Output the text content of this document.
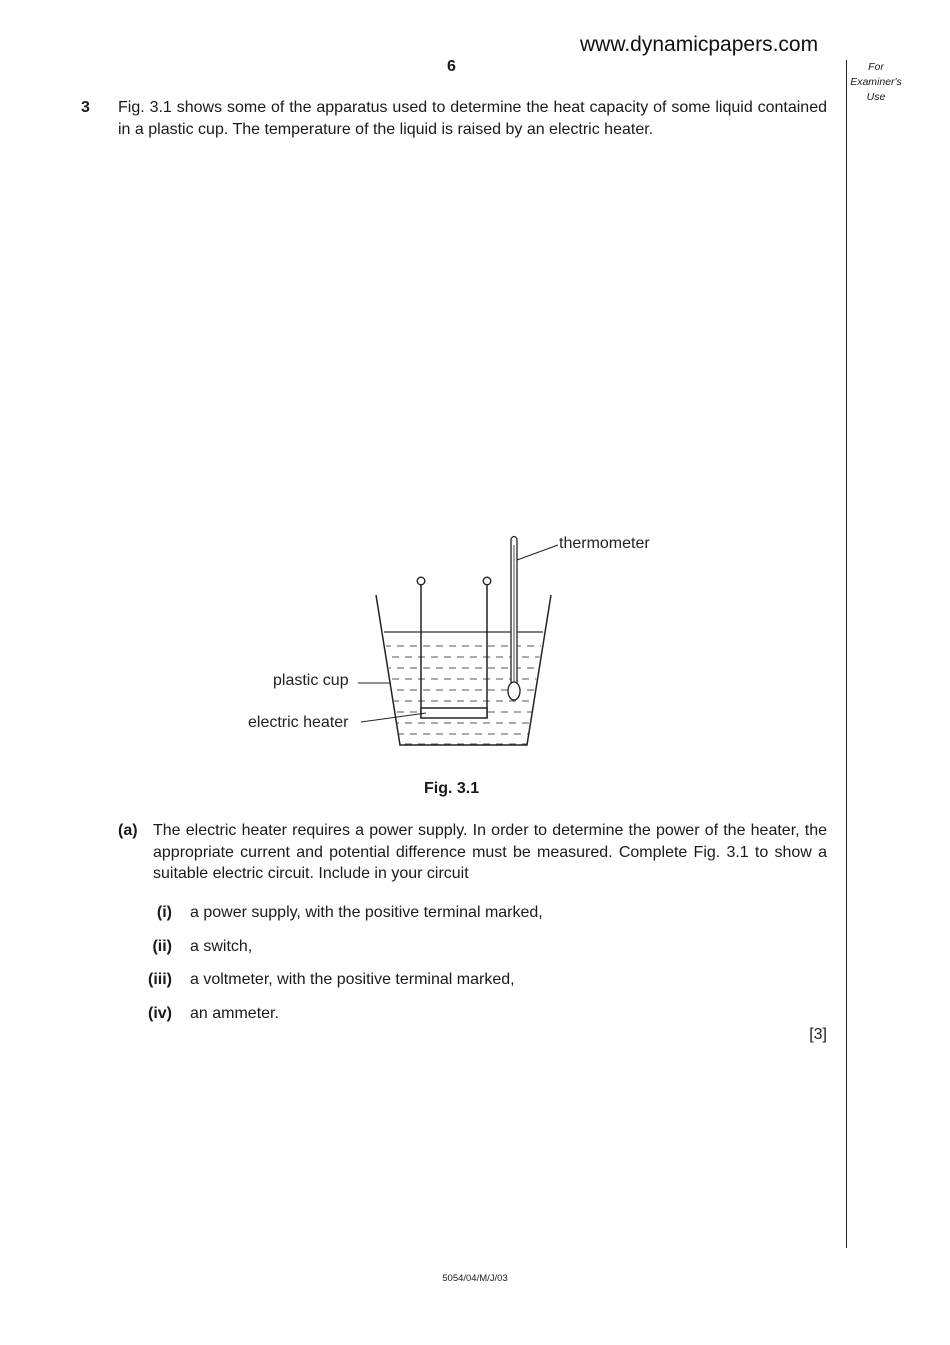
www.dynamicpapers.com
6	For
Examiner's
Use
3 Fig. 3.1 shows some of the apparatus used to determine the heat capacity of some liquid contained in a plastic cup. The temperature of the liquid is raised by an electric heater.
thermometer
plastic cup
electric heater
Fig. 3.1
(a) The electric heater requires a power supply. In order to determine the power of the heater, the appropriate current and potential difference must be measured. Complete Fig. 3.1 to show a suitable electric circuit. Include in your circuit
(i) a power supply, with the positive terminal marked,
(ii) a switch,
(iii) a voltmeter, with the positive terminal marked,
(iv) an ammeter.
[3]
5054/04/M/J/03
